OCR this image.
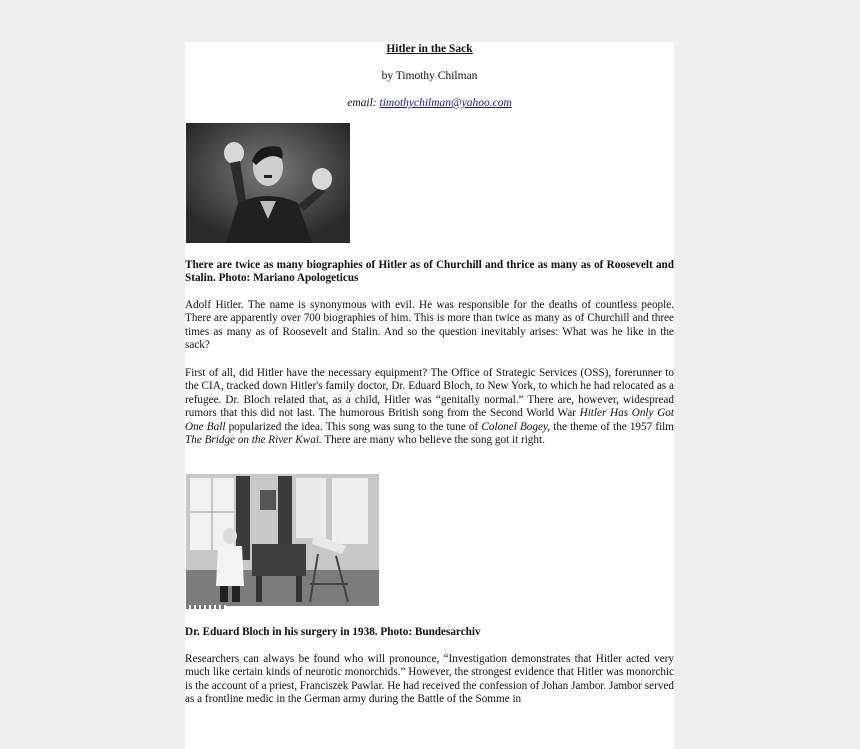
Hitler in the Sack
by Timothy Chilman
email: timothychilman@yahoo.com

There are twice as many biographies of Hitler as of Churchill and thrice as many as of Roosevelt and Stalin. Photo: Mariano Apologeticus

Adolf Hitler. The name is synonymous with evil. He was responsible for the deaths of countless people. There are apparently over 700 biographies of him. This is more than twice as many as of Churchill and three times as many as of Roosevelt and Stalin. And so the question inevitably arises: What was he like in the sack?

First of all, did Hitler have the necessary equipment? The Office of Strategic Services (OSS), forerunner to the CIA, tracked down Hitler's family doctor, Dr. Eduard Bloch, to New York, to which he had relocated as a refugee. Dr. Bloch related that, as a child, Hitler was “genitally normal.” There are, however, widespread rumors that this did not last. The humorous British song from the Second World War Hitler Has Only Got One Ball popularized the idea. This song was sung to the tune of Colonel Bogey, the theme of the 1957 film The Bridge on the River Kwai. There are many who believe the song got it right.

Dr. Eduard Bloch in his surgery in 1938. Photo: Bundesarchiv

Researchers can always be found who will pronounce, “Investigation demonstrates that Hitler acted very much like certain kinds of neurotic monorchids.” However, the strongest evidence that Hitler was monorchic is the account of a priest, Franciszek Pawlar. He had received the confession of Johan Jambor. Jambor served as a frontline medic in the German army during the Battle of the Somme in
